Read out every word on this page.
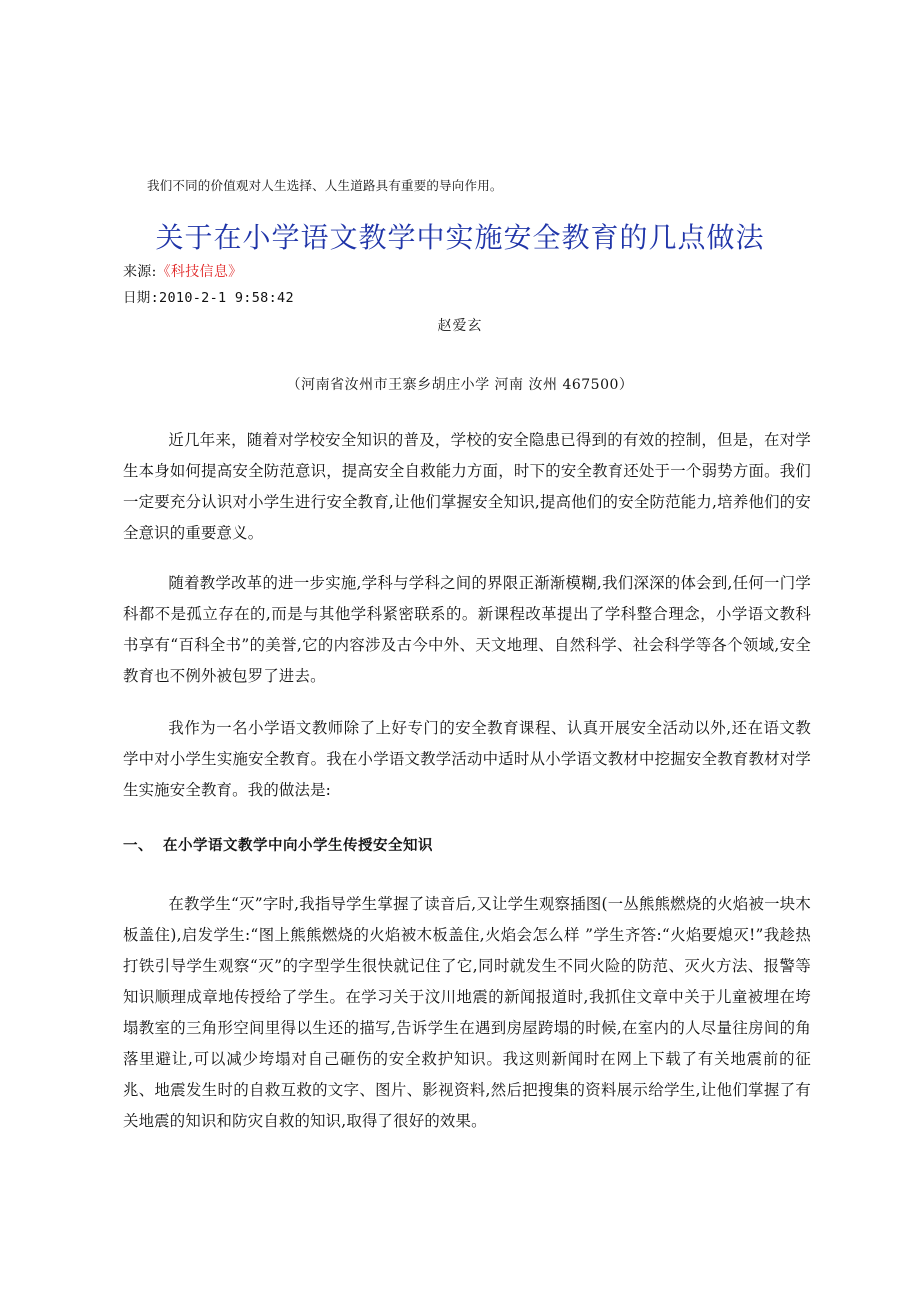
我们不同的价值观对人生选择、人生道路具有重要的导向作用。
关于在小学语文教学中实施安全教育的几点做法
来源:《科技信息》
日期:2010-2-1 9:58:42
赵爱玄
（河南省汝州市王寨乡胡庄小学 河南 汝州 467500）

近几年来，随着对学校安全知识的普及，学校的安全隐患已得到的有效的控制，但是，在对学生本身如何提高安全防范意识，提高安全自救能力方面，时下的安全教育还处于一个弱势方面。我们一定要充分认识对小学生进行安全教育,让他们掌握安全知识,提高他们的安全防范能力,培养他们的安全意识的重要意义。

随着教学改革的进一步实施,学科与学科之间的界限正渐渐模糊,我们深深的体会到,任何一门学科都不是孤立存在的,而是与其他学科紧密联系的。新课程改革提出了学科整合理念，小学语文教科书享有“百科全书”的美誉,它的内容涉及古今中外、天文地理、自然科学、社会科学等各个领域,安全教育也不例外被包罗了进去。

我作为一名小学语文教师除了上好专门的安全教育课程、认真开展安全活动以外,还在语文教学中对小学生实施安全教育。我在小学语文教学活动中适时从小学语文教材中挖掘安全教育教材对学生实施安全教育。我的做法是:

一、 在小学语文教学中向小学生传授安全知识

在教学生“灭”字时,我指导学生掌握了读音后,又让学生观察插图(一丛熊熊燃烧的火焰被一块木板盖住),启发学生:“图上熊熊燃烧的火焰被木板盖住,火焰会怎么样 ”学生齐答:“火焰要熄灭!”我趁热打铁引导学生观察“灭”的字型学生很快就记住了它,同时就发生不同火险的防范、灭火方法、报警等知识顺理成章地传授给了学生。在学习关于汶川地震的新闻报道时,我抓住文章中关于儿童被埋在垮塌教室的三角形空间里得以生还的描写,告诉学生在遇到房屋跨塌的时候,在室内的人尽量往房间的角落里避让,可以减少垮塌对自己砸伤的安全救护知识。我这则新闻时在网上下载了有关地震前的征兆、地震发生时的自救互救的文字、图片、影视资料,然后把搜集的资料展示给学生,让他们掌握了有关地震的知识和防灾自救的知识,取得了很好的效果。
